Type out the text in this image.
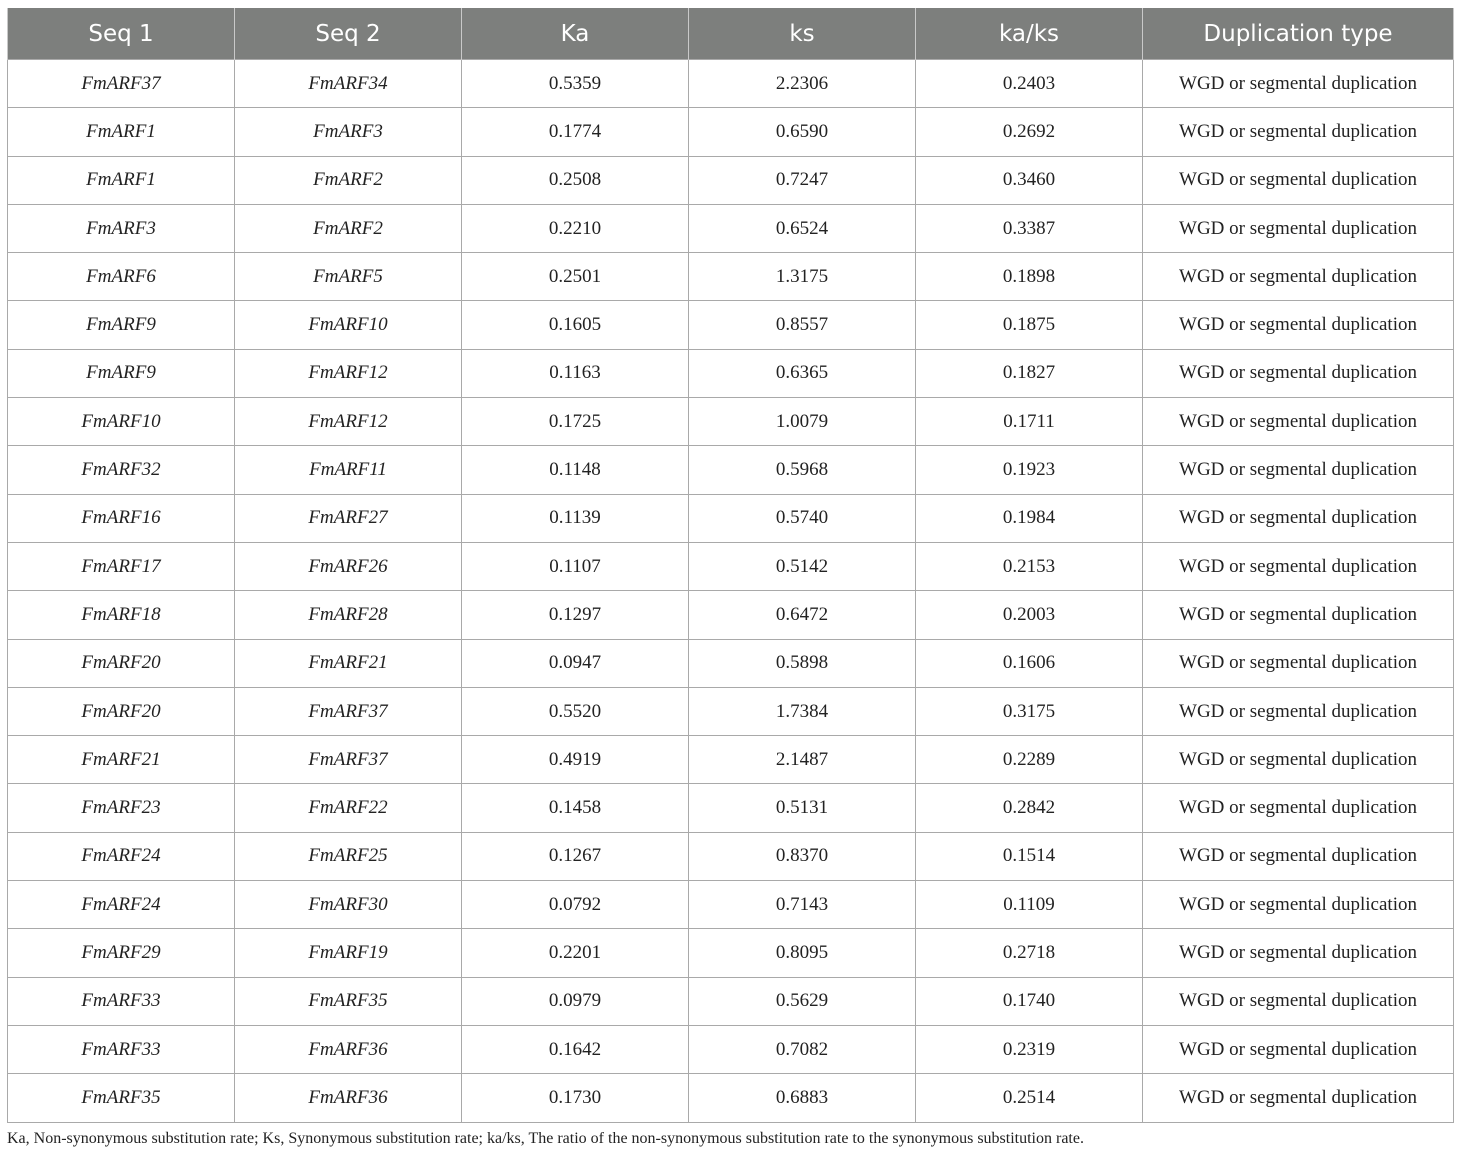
Seq 1	Seq 2	Ka	ks	ka/ks	Duplication type
FmARF37	FmARF34	0.5359	2.2306	0.2403	WGD or segmental duplication
FmARF1	FmARF3	0.1774	0.6590	0.2692	WGD or segmental duplication
FmARF1	FmARF2	0.2508	0.7247	0.3460	WGD or segmental duplication
FmARF3	FmARF2	0.2210	0.6524	0.3387	WGD or segmental duplication
FmARF6	FmARF5	0.2501	1.3175	0.1898	WGD or segmental duplication
FmARF9	FmARF10	0.1605	0.8557	0.1875	WGD or segmental duplication
FmARF9	FmARF12	0.1163	0.6365	0.1827	WGD or segmental duplication
FmARF10	FmARF12	0.1725	1.0079	0.1711	WGD or segmental duplication
FmARF32	FmARF11	0.1148	0.5968	0.1923	WGD or segmental duplication
FmARF16	FmARF27	0.1139	0.5740	0.1984	WGD or segmental duplication
FmARF17	FmARF26	0.1107	0.5142	0.2153	WGD or segmental duplication
FmARF18	FmARF28	0.1297	0.6472	0.2003	WGD or segmental duplication
FmARF20	FmARF21	0.0947	0.5898	0.1606	WGD or segmental duplication
FmARF20	FmARF37	0.5520	1.7384	0.3175	WGD or segmental duplication
FmARF21	FmARF37	0.4919	2.1487	0.2289	WGD or segmental duplication
FmARF23	FmARF22	0.1458	0.5131	0.2842	WGD or segmental duplication
FmARF24	FmARF25	0.1267	0.8370	0.1514	WGD or segmental duplication
FmARF24	FmARF30	0.0792	0.7143	0.1109	WGD or segmental duplication
FmARF29	FmARF19	0.2201	0.8095	0.2718	WGD or segmental duplication
FmARF33	FmARF35	0.0979	0.5629	0.1740	WGD or segmental duplication
FmARF33	FmARF36	0.1642	0.7082	0.2319	WGD or segmental duplication
FmARF35	FmARF36	0.1730	0.6883	0.2514	WGD or segmental duplication
Ka, Non-synonymous substitution rate; Ks, Synonymous substitution rate; ka/ks, The ratio of the non-synonymous substitution rate to the synonymous substitution rate.
